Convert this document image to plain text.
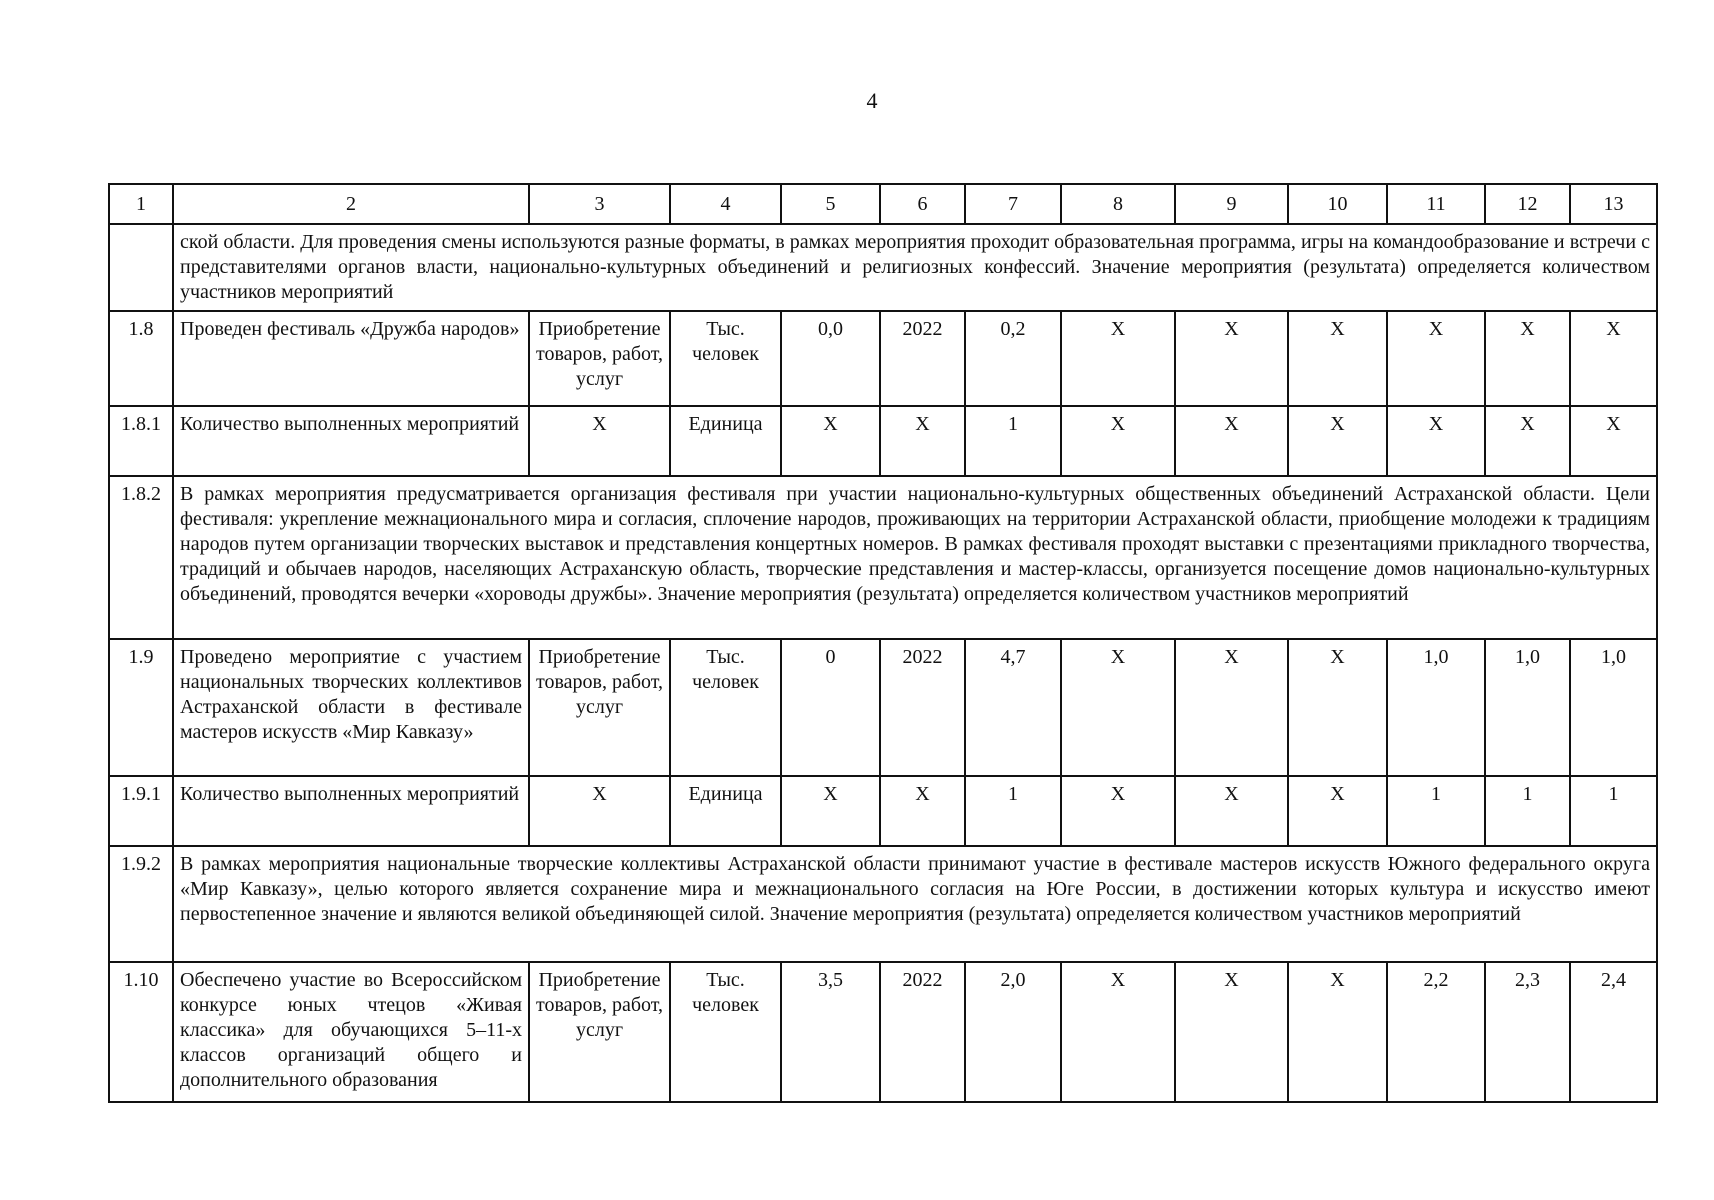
4
1	2	3	4	5	6	7	8	9	10	11	12	13
	ской области. Для проведения смены используются разные форматы, в рамках мероприятия проходит образовательная программа, игры на командообразование и встречи с представителями органов власти, национально-культурных объединений и религиозных конфессий. Значение мероприятия (результата) определяется количеством участников мероприятий											
1.8	Проведен фестиваль «Дружба народов»	Приобретение товаров, работ, услуг	Тыс. человек	0,0	2022	0,2	X	X	X	X	X	X
1.8.1	Количество выполненных мероприятий	X	Единица	X	X	1	X	X	X	X	X	X
1.8.2	В рамках мероприятия предусматривается организация фестиваля при участии национально-культурных общественных объединений Астраханской области. Цели фестиваля: укрепление межнационального мира и согласия, сплочение народов, проживающих на территории Астраханской области, приобщение молодежи к традициям народов путем организации творческих выставок и представления концертных номеров. В рамках фестиваля проходят выставки с презентациями прикладного творчества, традиций и обычаев народов, населяющих Астраханскую область, творческие представления и мастер-классы, организуется посещение домов национально-культурных объединений, проводятся вечерки «хороводы дружбы». Значение мероприятия (результата) определяется количеством участников мероприятий											
1.9	Проведено мероприятие с участием национальных творческих коллективов Астраханской области в фестивале мастеров искусств «Мир Кавказу»	Приобретение товаров, работ, услуг	Тыс. человек	0	2022	4,7	X	X	X	1,0	1,0	1,0
1.9.1	Количество выполненных мероприятий	X	Единица	X	X	1	X	X	X	1	1	1
1.9.2	В рамках мероприятия национальные творческие коллективы Астраханской области принимают участие в фестивале мастеров искусств Южного федерального округа «Мир Кавказу», целью которого является сохранение мира и межнационального согласия на Юге России, в достижении которых культура и искусство имеют первостепенное значение и являются великой объединяющей силой. Значение мероприятия (результата) определяется количеством участников мероприятий											
1.10	Обеспечено участие во Всероссийском конкурсе юных чтецов «Живая классика» для обучающихся 5–11-х классов организаций общего и дополнительного образования	Приобретение товаров, работ, услуг	Тыс. человек	3,5	2022	2,0	X	X	X	2,2	2,3	2,4
